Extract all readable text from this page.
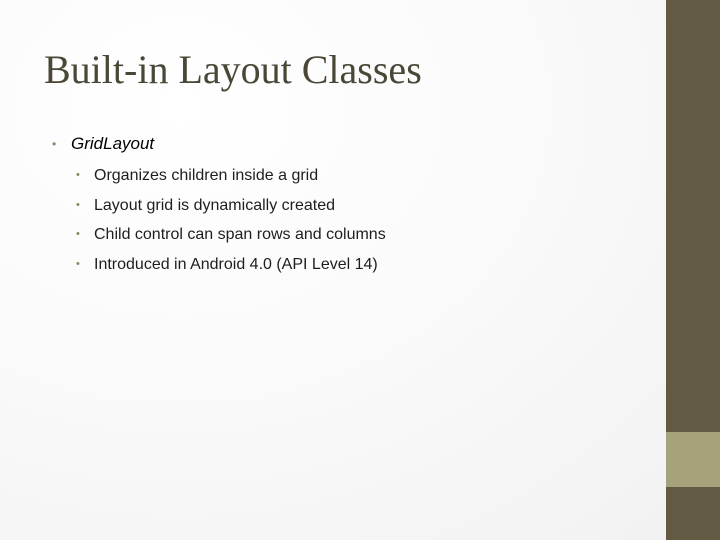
Built-in Layout Classes
• GridLayout
• Organizes children inside a grid
• Layout grid is dynamically created
• Child control can span rows and columns
• Introduced in Android 4.0 (API Level 14)
